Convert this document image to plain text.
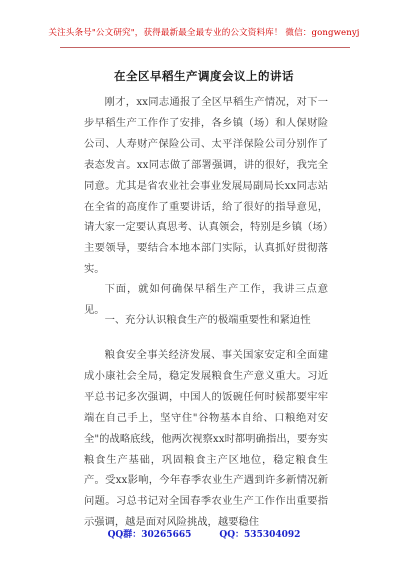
关注头条号"公文研究"，获得最新最全最专业的公文资料库！ 微信：gongwenyj
在全区早稻生产调度会议上的讲话

刚才，xx同志通报了全区早稻生产情况，对下一步早稻生产工作作了安排，各乡镇（场）和人保财险公司、人寿财产保险公司、太平洋保险公司分别作了表态发言。xx同志做了部署强调，讲的很好，我完全同意。尤其是省农业社会事业发展局副局长xx同志站在全省的高度作了重要讲话，给了很好的指导意见，请大家一定要认真思考、认真领会，特别是乡镇（场）主要领导，要结合本地本部门实际，认真抓好贯彻落实。

下面，就如何确保早稻生产工作，我讲三点意见。

一、充分认识粮食生产的极端重要性和紧迫性

粮食安全事关经济发展、事关国家安定和全面建成小康社会全局，稳定发展粮食生产意义重大。习近平总书记多次强调，中国人的饭碗任何时候都要牢牢端在自己手上，坚守住"谷物基本自给、口粮绝对安全"的战略底线，他两次视察xx时都明确指出，要夯实粮食生产基础，巩固粮食主产区地位，稳定粮食生产。受xx影响，今年春季农业生产遇到许多新情况新问题。习总书记对全国春季农业生产工作作出重要指示强调，越是面对风险挑战，越要稳住

QQ群：30265665	QQ：535304092
